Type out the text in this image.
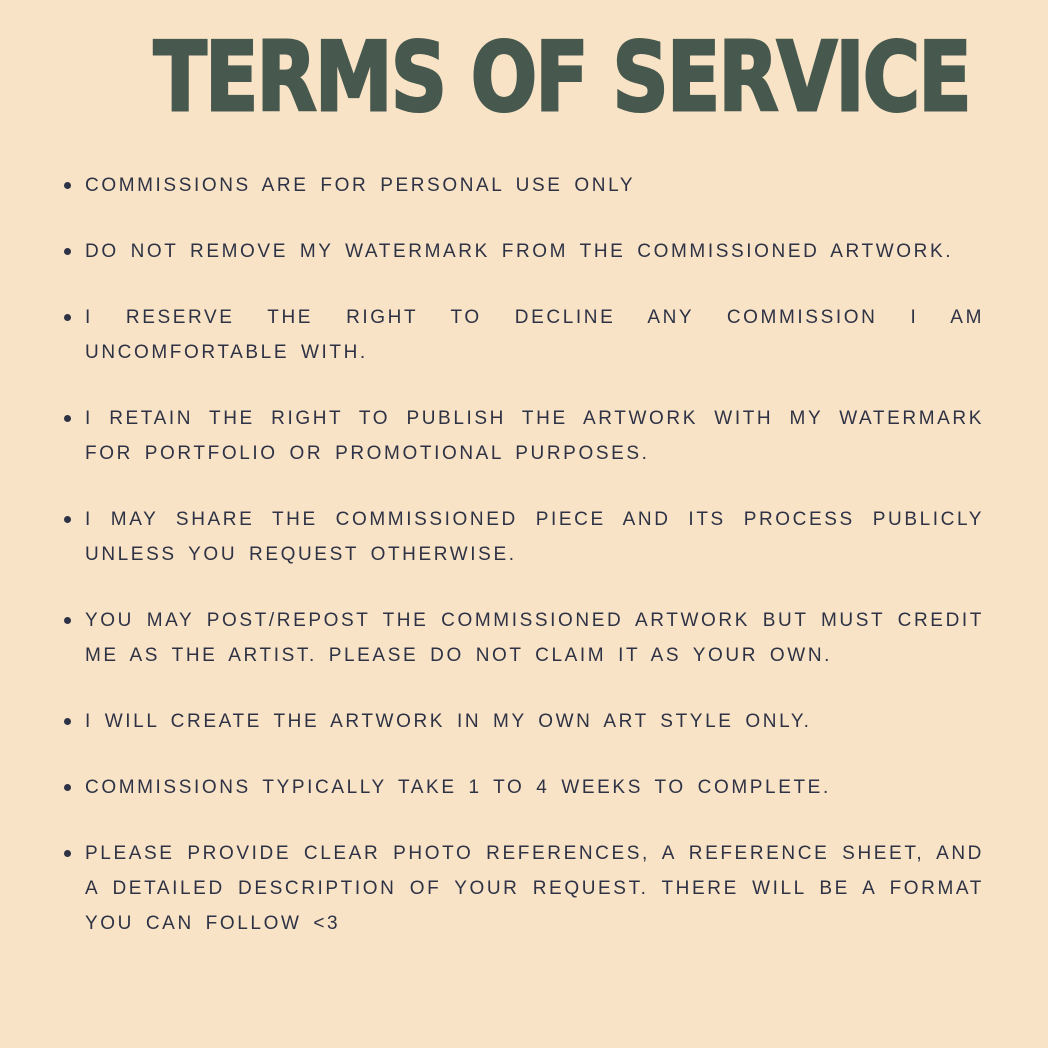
TERMS OF SERVICE
COMMISSIONS ARE FOR PERSONAL USE ONLY
DO NOT REMOVE MY WATERMARK FROM THE COMMISSIONED ARTWORK.
I RESERVE THE RIGHT TO DECLINE ANY COMMISSION I AM UNCOMFORTABLE WITH.
I RETAIN THE RIGHT TO PUBLISH THE ARTWORK WITH MY WATERMARK FOR PORTFOLIO OR PROMOTIONAL PURPOSES.
I MAY SHARE THE COMMISSIONED PIECE AND ITS PROCESS PUBLICLY UNLESS YOU REQUEST OTHERWISE.
YOU MAY POST/REPOST THE COMMISSIONED ARTWORK BUT MUST CREDIT ME AS THE ARTIST. PLEASE DO NOT CLAIM IT AS YOUR OWN.
I WILL CREATE THE ARTWORK IN MY OWN ART STYLE ONLY.
COMMISSIONS TYPICALLY TAKE 1 TO 4 WEEKS TO COMPLETE.
PLEASE PROVIDE CLEAR PHOTO REFERENCES, A REFERENCE SHEET, AND A DETAILED DESCRIPTION OF YOUR REQUEST. THERE WILL BE A FORMAT YOU CAN FOLLOW <3
